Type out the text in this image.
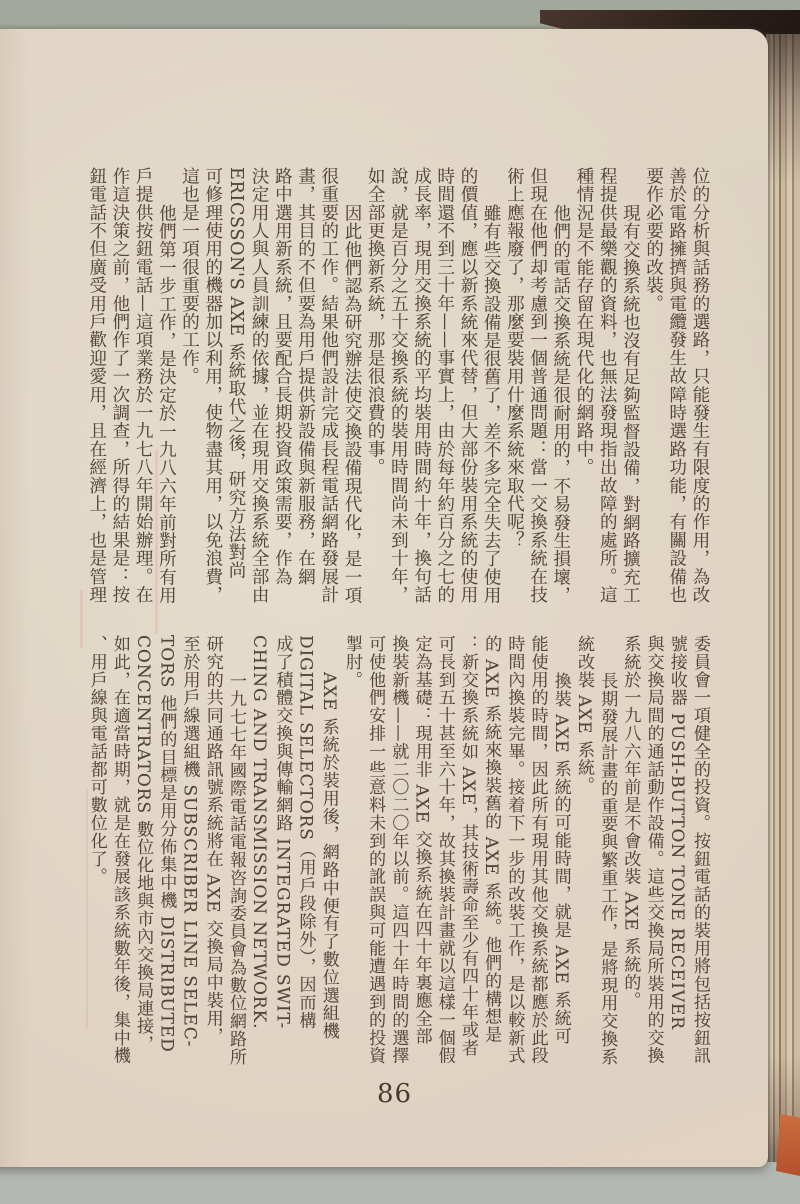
位的分析與話務的選路，只能發生有限度的作用，為改
善於電路擁擠與電纜發生故障時選路功能，有關設備也
要作必要的改裝。
現有交換系統也沒有足夠監督設備，對網路擴充工
程提供最樂觀的資料，也無法發現指出故障的處所。這
種情況是不能存留在現代化的網路中。
他們的電話交換系統是很耐用的，不易發生損壞，
但現在他們却考慮到一個普通問題：當一交換系統在技
術上應報廢了，那麼要裝用什麼系統來取代呢？
雖有些交換設備是很舊了，差不多完全失去了使用
的價值，應以新系統來代替，但大部份裝用系統的使用
時間還不到三十年——事實上，由於每年約百分之七的
成長率，現用交換系統的平均裝用時間約十年，換句話
說，就是百分之五十交換系統的裝用時間尚未到十年，
如全部更換新系統，那是很浪費的事。
因此他們認為研究辦法使交換設備現代化，是一項
很重要的工作。結果他們設計完成長程電話網路發展計
畫，其目的不但要為用戶提供新設備與新服務，在網
路中選用新系統，且要配合長期投資政策需要，作為
決定用人與人員訓練的依據，並在現用交換系統全部由
ERICSSON'S AXE 系統取代之後，研究方法對尚
可修理使用的機器加以利用，使物盡其用，以免浪費，
這也是一項很重要的工作。
他們第一步工作，是決定於一九八六年前對所有用
戶提供按鈕電話—這項業務於一九七八年開始辦理。在
作這決策之前，他們作了一次調查，所得的結果是：按
鈕電話不但廣受用戶歡迎愛用，且在經濟上，也是管理
委員會一項健全的投資。按鈕電話的裝用將包括按鈕訊
號接收器 PUSH-BUTTON TONE RECEIVER
與交換局間的通話動作設備。這些交換局所裝用的交換
系統於一九八六年前是不會改裝 AXE 系統的。
長期發展計畫的重要與繁重工作，是將現用交換系
統改裝 AXE 系統。
換裝 AXE 系統的可能時間，就是 AXE 系統可
能使用的時間，因此所有現用其他交換系統都應於此段
時間內換裝完畢。接着下一步的改裝工作，是以較新式
的 AXE 系統來換裝舊的 AXE 系統。他們的構想是
：新交換系統如 AXE，其技術壽命至少有四十年或者
可長到五十甚至六十年，故其換裝計畫就以這樣一個假
定為基礎：現用非 AXE 交換系統在四十年裏應全部
換裝新機——就二〇二〇年以前。這四十年時間的選擇
可使他們安排一些意料未到的訛誤與可能遭遇到的投資
掣肘。
AXE 系統於裝用後，網路中便有了數位選組機
DIGITAL SELECTORS（用戶段除外），因而構
成了積體交換與傳輸網路 INTEGRATED SWIT-
CHING AND TRANSMISSION NETWORK.
一九七七年國際電話電報咨詢委員會為數位網路所
研究的共同通路訊號系統將在 AXE 交換局中裝用，
至於用戶線選組機 SUBSCRIBER LINE SELEC-
TORS 他們的目標是用分佈集中機 DISTRIBUTED
CONCENTRATORS 數位化地與市內交換局連接，
如此，在適當時期，就是在發展該系統數年後，集中機
、用戶線與電話都可數位化了。
86
